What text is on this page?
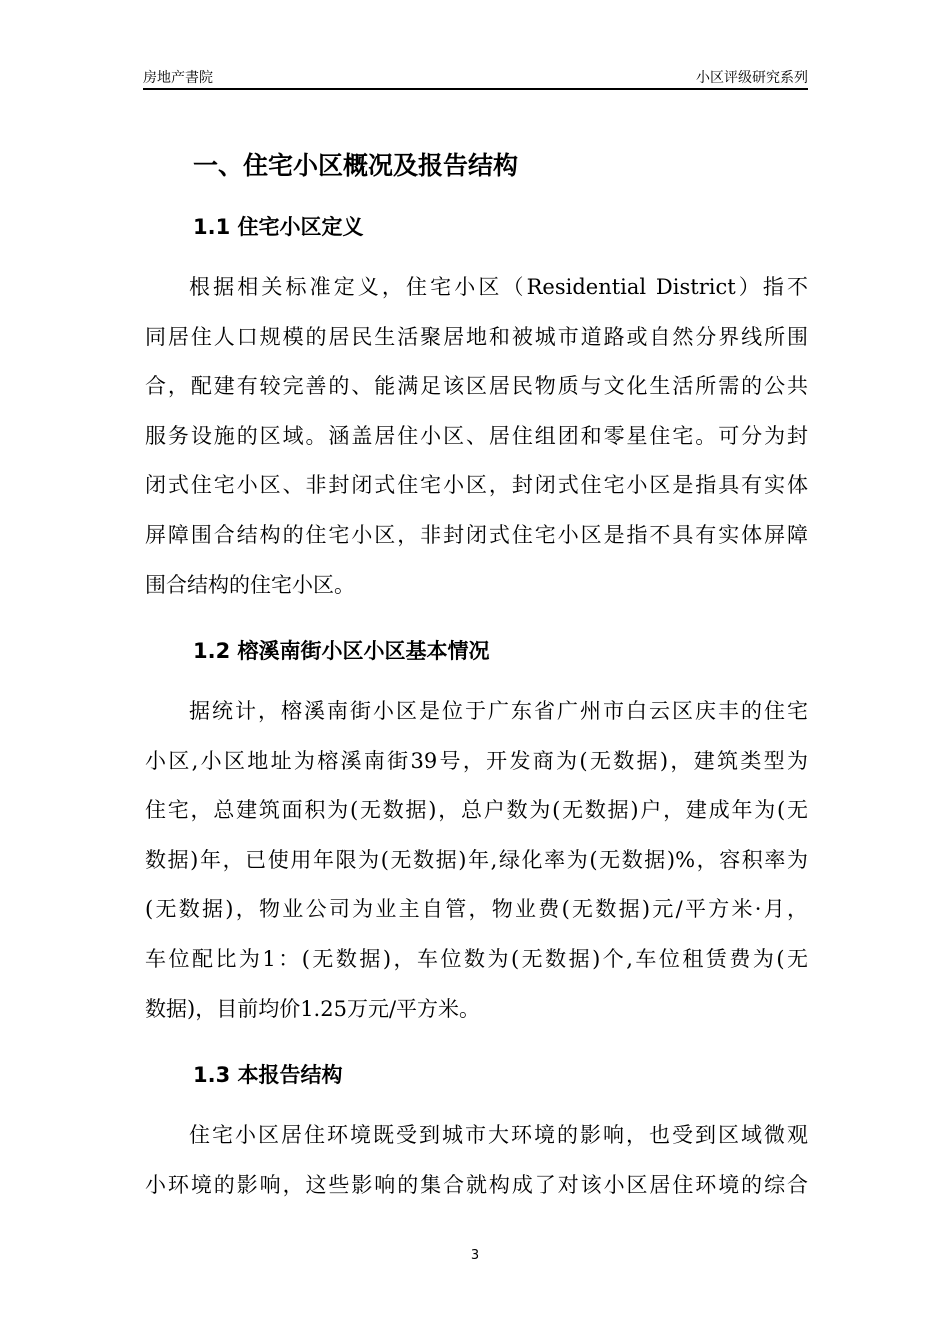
房地产書院	小区评级研究系列
一、住宅小区概况及报告结构
1.1 住宅小区定义
根据相关标准定义，住宅小区（Residential District）指不
同居住人口规模的居民生活聚居地和被城市道路或自然分界线所围
合，配建有较完善的、能满足该区居民物质与文化生活所需的公共
服务设施的区域。涵盖居住小区、居住组团和零星住宅。可分为封
闭式住宅小区、非封闭式住宅小区，封闭式住宅小区是指具有实体
屏障围合结构的住宅小区，非封闭式住宅小区是指不具有实体屏障
围合结构的住宅小区。
1.2 榕溪南街小区小区基本情况
据统计，榕溪南街小区是位于广东省广州市白云区庆丰的住宅
小区,小区地址为榕溪南街39号，开发商为(无数据)，建筑类型为
住宅，总建筑面积为(无数据)，总户数为(无数据)户，建成年为(无
数据)年，已使用年限为(无数据)年,绿化率为(无数据)%，容积率为
(无数据)，物业公司为业主自管，物业费(无数据)元/平方米·月，
车位配比为1：(无数据)，车位数为(无数据)个,车位租赁费为(无
数据)，目前均价1.25万元/平方米。
1.3 本报告结构
住宅小区居住环境既受到城市大环境的影响，也受到区域微观
小环境的影响，这些影响的集合就构成了对该小区居住环境的综合
3
